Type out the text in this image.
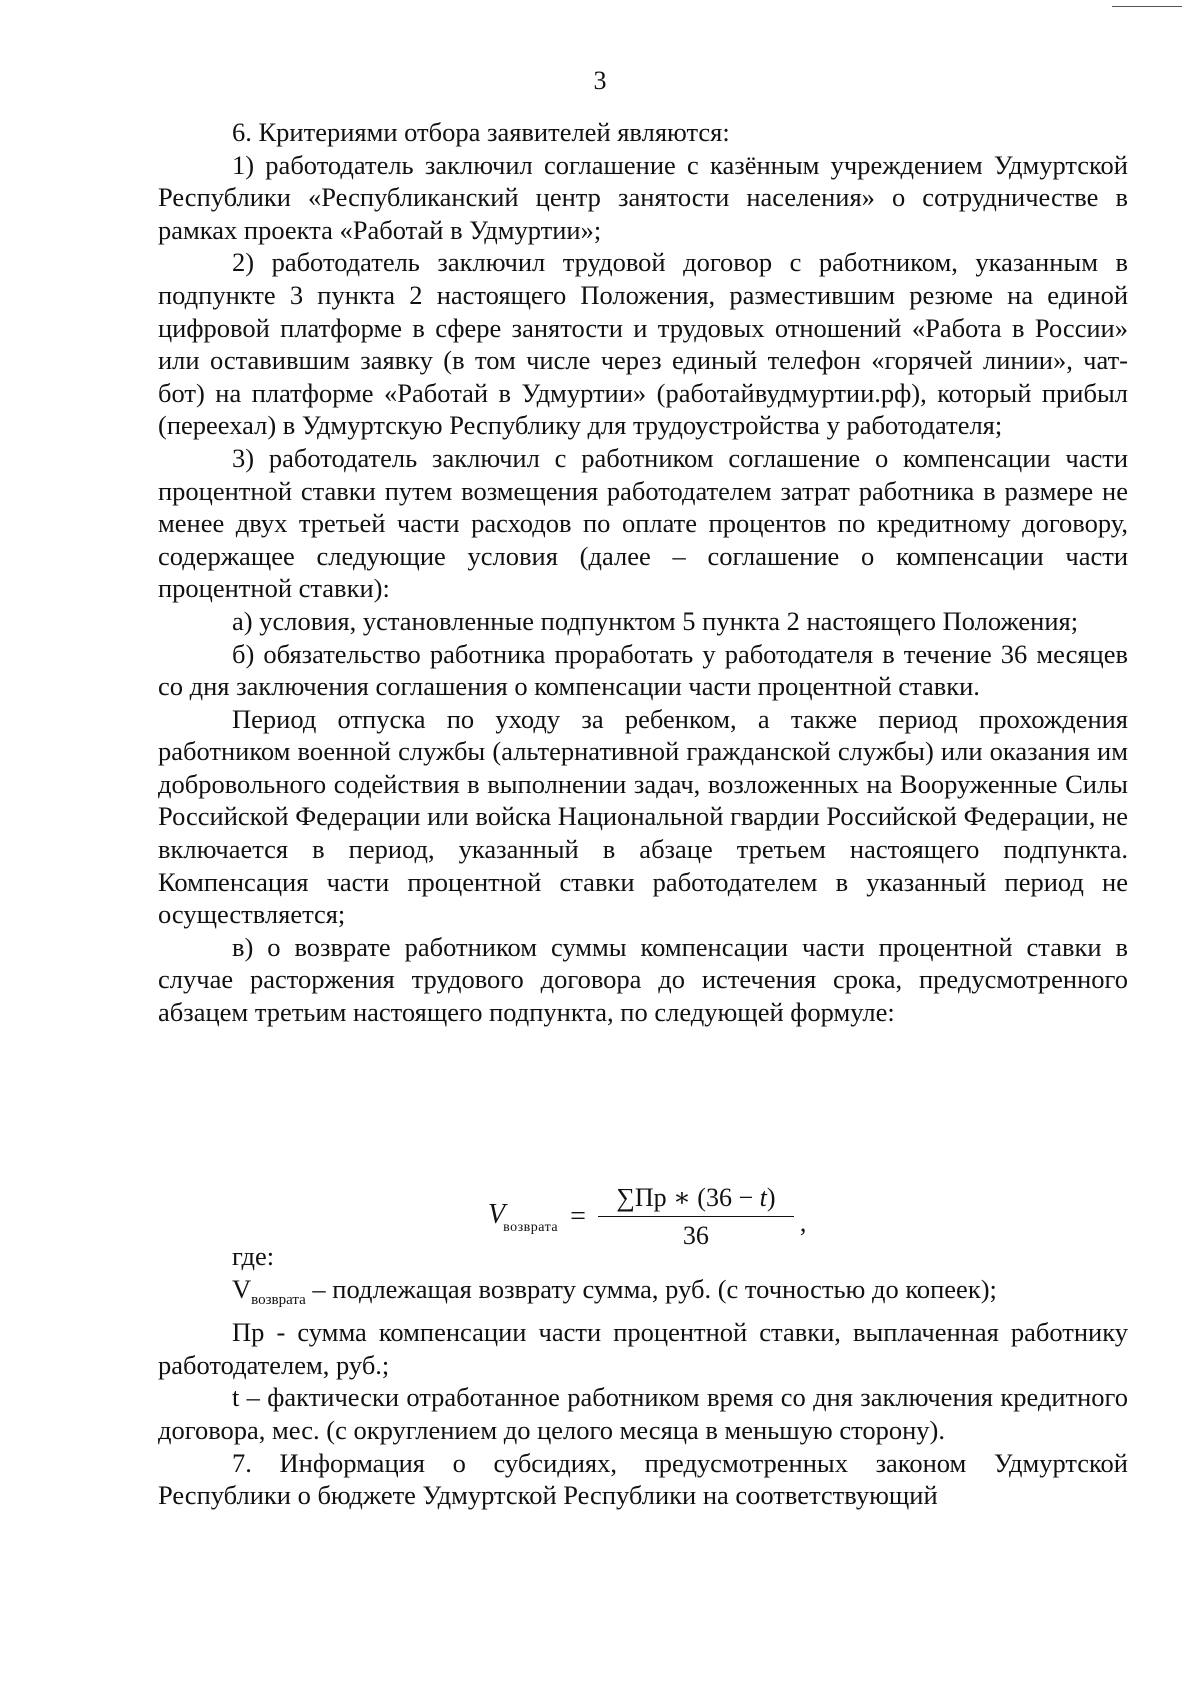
3

6. Критериями отбора заявителей являются:

1) работодатель заключил соглашение с казённым учреждением Удмуртской Республики «Республиканский центр занятости населения» о сотрудничестве в рамках проекта «Работай в Удмуртии»;

2) работодатель заключил трудовой договор с работником, указанным в подпункте 3 пункта 2 настоящего Положения, разместившим резюме на единой цифровой платформе в сфере занятости и трудовых отношений «Работа в России» или оставившим заявку (в том числе через единый телефон «горячей линии», чат-бот) на платформе «Работай в Удмуртии» (работайвудмуртии.рф), который прибыл (переехал) в Удмуртскую Республику для трудоустройства у работодателя;

3) работодатель заключил с работником соглашение о компенсации части процентной ставки путем возмещения работодателем затрат работника в размере не менее двух третьей части расходов по оплате процентов по кредитному договору, содержащее следующие условия (далее – соглашение о компенсации части процентной ставки):

а) условия, установленные подпунктом 5 пункта 2 настоящего Положения;

б) обязательство работника проработать у работодателя в течение 36 месяцев со дня заключения соглашения о компенсации части процентной ставки.

Период отпуска по уходу за ребенком, а также период прохождения работником военной службы (альтернативной гражданской службы) или оказания им добровольного содействия в выполнении задач, возложенных на Вооруженные Силы Российской Федерации или войска Национальной гвардии Российской Федерации, не включается в период, указанный в абзаце третьем настоящего подпункта. Компенсация части процентной ставки работодателем в указанный период не осуществляется;

в) о возврате работником суммы компенсации части процентной ставки в случае расторжения трудового договора до истечения срока, предусмотренного абзацем третьим настоящего подпункта, по следующей формуле:

$V_{возврата} = \frac{\sum Пр ∗ (36 - t)}{36}$ ,

где:

$V_{возврата}$ – подлежащая возврату сумма, руб. (с точностью до копеек);

Пр - сумма компенсации части процентной ставки, выплаченная работнику работодателем, руб.;

t – фактически отработанное работником время со дня заключения кредитного договора, мес. (с округлением до целого месяца в меньшую сторону).

7. Информация о субсидиях, предусмотренных законом Удмуртской Республики о бюджете Удмуртской Республики на соответствующий
